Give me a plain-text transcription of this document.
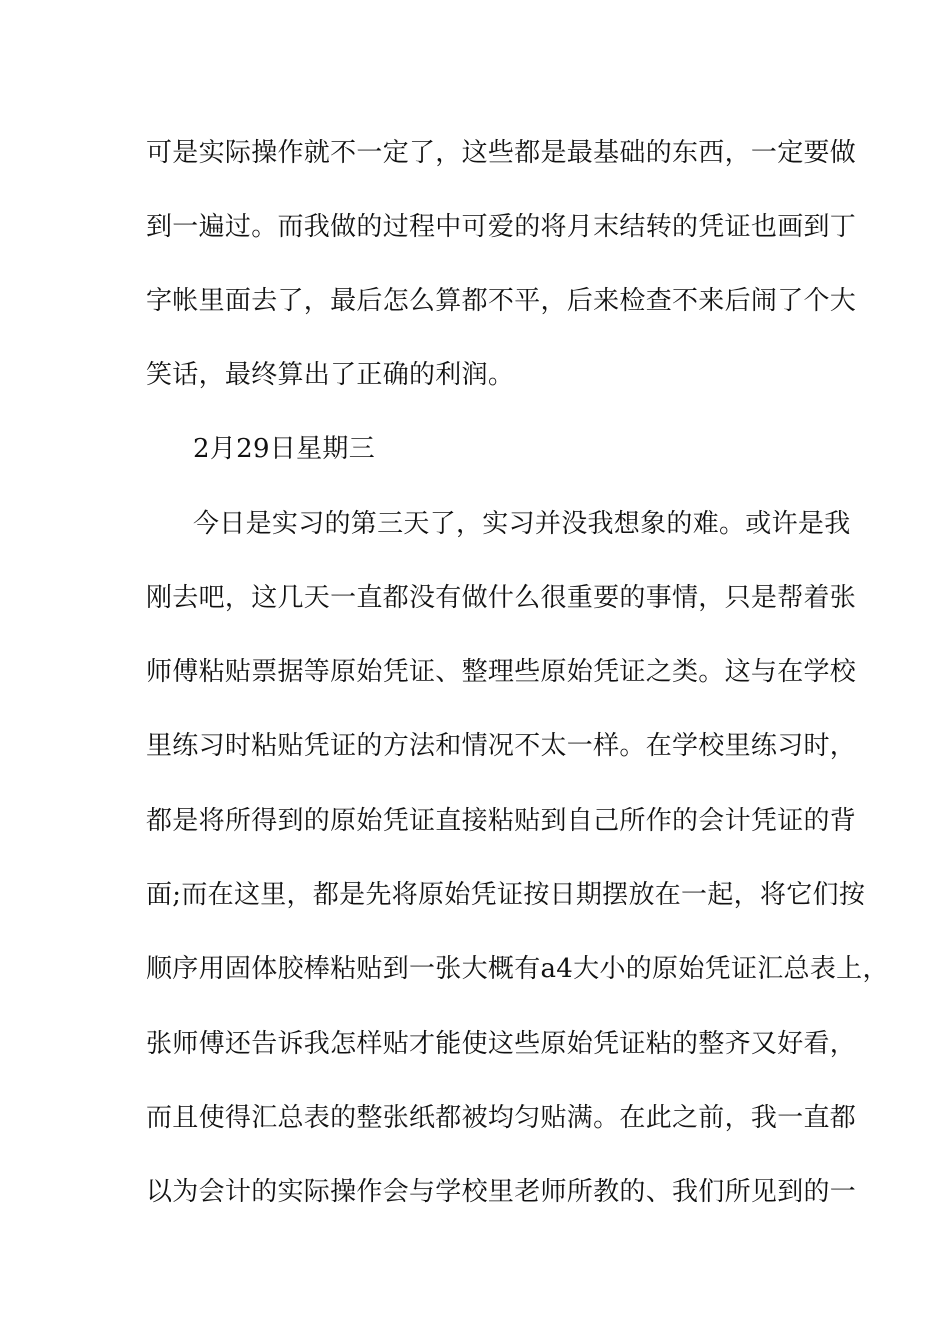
可是实际操作就不一定了，这些都是最基础的东西，一定要做
到一遍过。而我做的过程中可爱的将月末结转的凭证也画到丁
字帐里面去了，最后怎么算都不平，后来检查不来后闹了个大
笑话，最终算出了正确的利润。
2月29日星期三
今日是实习的第三天了，实习并没我想象的难。或许是我
刚去吧，这几天一直都没有做什么很重要的事情，只是帮着张
师傅粘贴票据等原始凭证、整理些原始凭证之类。这与在学校
里练习时粘贴凭证的方法和情况不太一样。在学校里练习时，
都是将所得到的原始凭证直接粘贴到自己所作的会计凭证的背
面;而在这里，都是先将原始凭证按日期摆放在一起，将它们按
顺序用固体胶棒粘贴到一张大概有a4大小的原始凭证汇总表上，
张师傅还告诉我怎样贴才能使这些原始凭证粘的整齐又好看，
而且使得汇总表的整张纸都被均匀贴满。在此之前，我一直都
以为会计的实际操作会与学校里老师所教的、我们所见到的一
